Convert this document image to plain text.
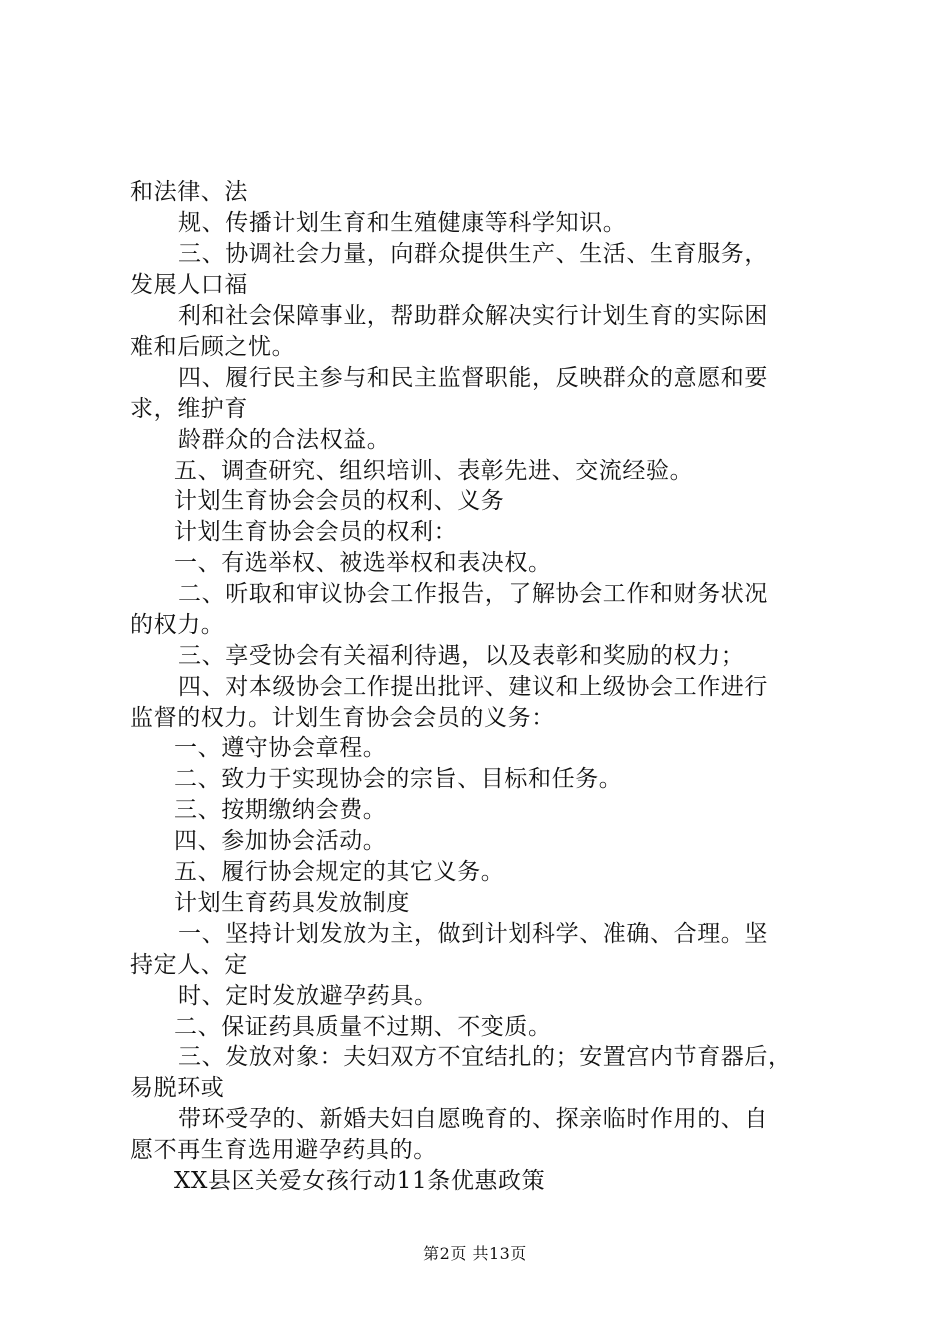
和法律、法
规、传播计划生育和生殖健康等科学知识。
三、协调社会力量，向群众提供生产、生活、生育服务，
发展人口福
利和社会保障事业，帮助群众解决实行计划生育的实际困
难和后顾之忧。
四、履行民主参与和民主监督职能，反映群众的意愿和要
求，维护育
龄群众的合法权益。
五、调查研究、组织培训、表彰先进、交流经验。
计划生育协会会员的权利、义务
计划生育协会会员的权利：
一、有选举权、被选举权和表决权。
二、听取和审议协会工作报告，了解协会工作和财务状况
的权力。
三、享受协会有关福利待遇，以及表彰和奖励的权力；
四、对本级协会工作提出批评、建议和上级协会工作进行
监督的权力。计划生育协会会员的义务：
一、遵守协会章程。
二、致力于实现协会的宗旨、目标和任务。
三、按期缴纳会费。
四、参加协会活动。
五、履行协会规定的其它义务。
计划生育药具发放制度
一、坚持计划发放为主，做到计划科学、准确、合理。坚
持定人、定
时、定时发放避孕药具。
二、保证药具质量不过期、不变质。
三、发放对象：夫妇双方不宜结扎的；安置宫内节育器后，
易脱环或
带环受孕的、新婚夫妇自愿晚育的、探亲临时作用的、自
愿不再生育选用避孕药具的。
XX县区关爱女孩行动11条优惠政策
第2页 共13页
